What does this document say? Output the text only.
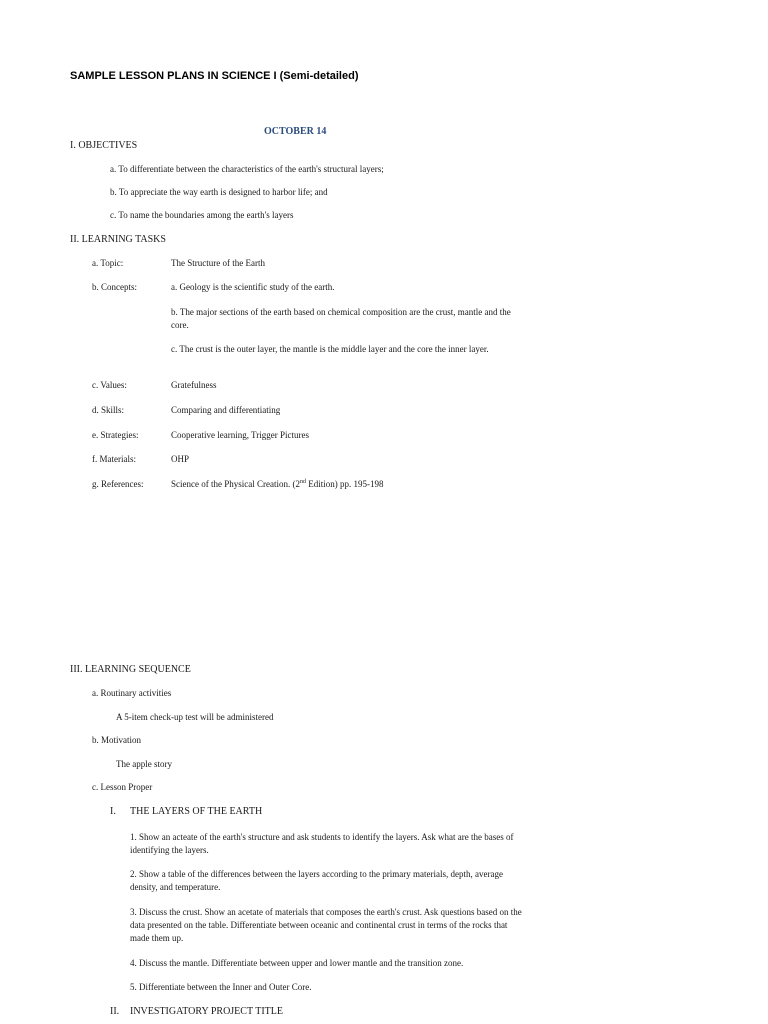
SAMPLE LESSON PLANS IN SCIENCE I (Semi-detailed)
OCTOBER 14
I. OBJECTIVES
a. To differentiate between the characteristics of the earth's structural layers;
b. To appreciate the way earth is designed to harbor life; and
c. To name the boundaries among the earth's layers
II. LEARNING TASKS
a. Topic:	The Structure of the Earth
b. Concepts:	a. Geology is the scientific study of the earth.
b. The major sections of the earth based on chemical composition are the crust, mantle and the core.
c. The crust is the outer layer, the mantle is the middle layer and the core the inner layer.
c. Values:	Gratefulness
d. Skills:	Comparing and differentiating
e. Strategies:	Cooperative learning, Trigger Pictures
f. Materials:	OHP
g. References:	Science of the Physical Creation. (2nd Edition) pp. 195-198
III. LEARNING SEQUENCE
a. Routinary activities
A 5-item check-up test will be administered
b. Motivation
The apple story
c. Lesson Proper
I. THE LAYERS OF THE EARTH
1. Show an acteate of the earth's structure and ask students to identify the layers. Ask what are the bases of identifying the layers.
2. Show a table of the differences between the layers according to the primary materials, depth, average density, and temperature.
3. Discuss the crust. Show an acetate of materials that composes the earth's crust. Ask questions based on the data presented on the table. Differentiate between oceanic and continental crust in terms of the rocks that made them up.
4. Discuss the mantle. Differentiate between upper and lower mantle and the transition zone.
5. Differentiate between the Inner and Outer Core.
II. INVESTIGATORY PROJECT TITLE
